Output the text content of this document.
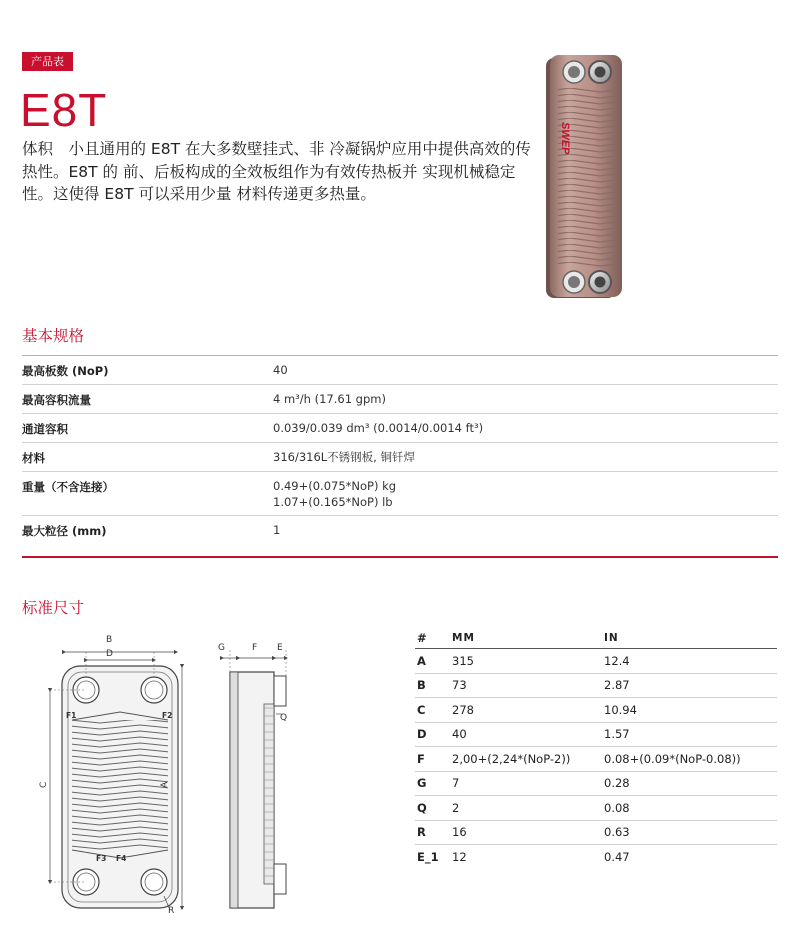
产品表
E8T

体积　小且通用的 E8T 在大多数壁挂式、非 冷凝锅炉应用中提供高效的传热性。E8T 的 前、后板构成的全效板组作为有效传热板并 实现机械稳定性。这使得 E8T 可以采用少量 材料传递更多热量。

SWEP
基本规格
最高板数 (NoP)	40
最高容积流量	4 m³/h (17.61 gpm)
通道容积	0.039/0.039 dm³ (0.0014/0.0014 ft³)
材料	316/316L不锈钢板, 铜钎焊
重量（不含连接）	0.49+(0.075*NoP) kg
1.07+(0.165*NoP) lb
最大粒径 (mm)	1
标准尺寸
F1	F2
F3 F4
B
D
C	A
R
G	F E
Q
#	MM	IN
A	315	12.4
B	73	2.87
C	278	10.94
D	40	1.57
F	2,00+(2,24*(NoP-2))	0.08+(0.09*(NoP-0.08))
G	7	0.28
Q	2	0.08
R	16	0.63
E_1	12	0.47
